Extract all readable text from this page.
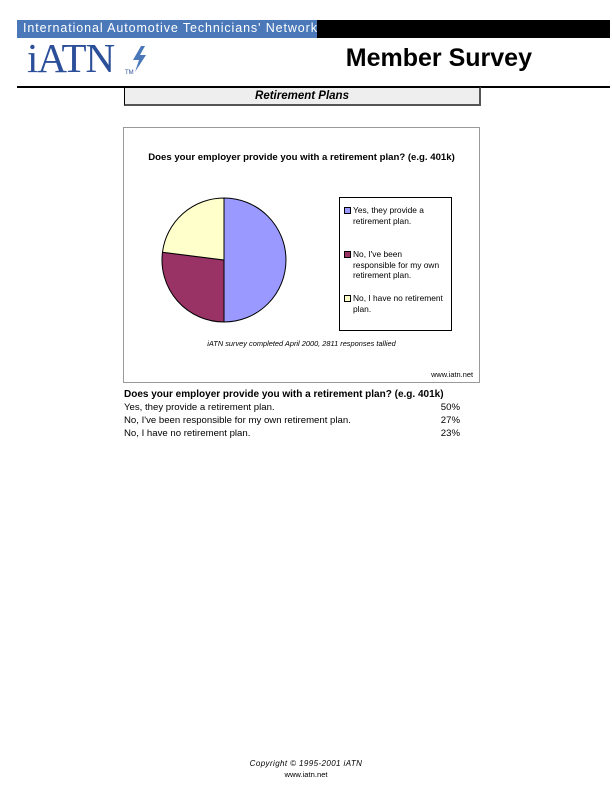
International Automotive Technicians' Network
iATN TM
Member Survey
Retirement Plans
Does your employer provide you with a retirement plan? (e.g. 401k)
Yes, they provide a
retirement plan.
No, I've been
responsible for my own
retirement plan.
No, I have no retirement
plan.
iATN survey completed April 2000, 2811 responses tallied
www.iatn.net
Does your employer provide you with a retirement plan? (e.g. 401k)
Yes, they provide a retirement plan.	50%
No, I've been responsible for my own retirement plan.	27%
No, I have no retirement plan.	23%
Copyright © 1995-2001 iATN
www.iatn.net
